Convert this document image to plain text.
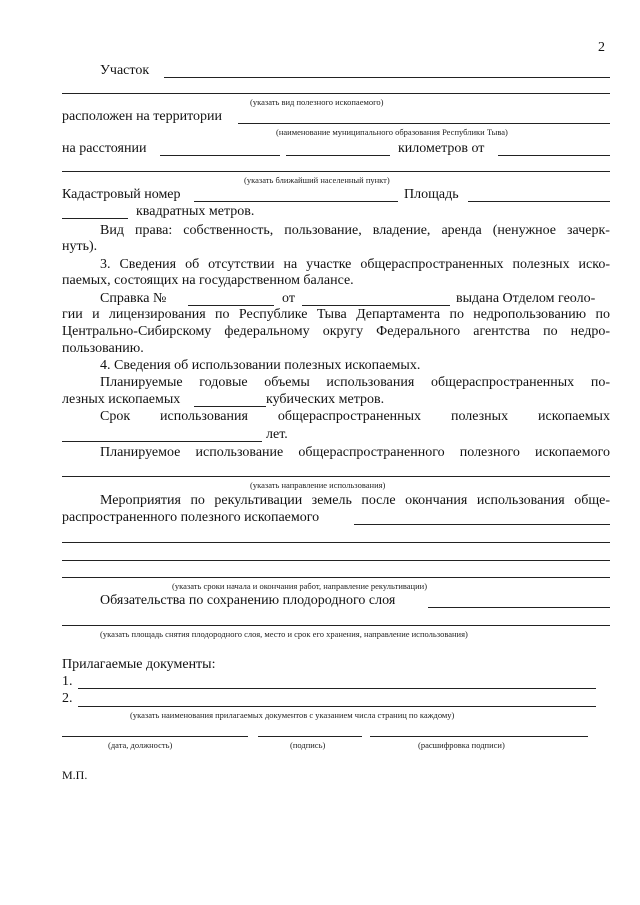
2
Участок
(указать вид полезного ископаемого)
расположен на территории
(наименование муниципального образования Республики Тыва)
на расстоянии	километров от
(указать ближайший населенный пункт)
Кадастровый номер	Площадь
квадратных метров.
Вид права: собственность, пользование, владение, аренда (ненужное зачерк-
нуть).
3. Сведения об отсутствии на участке общераспространенных полезных иско-
паемых, состоящих на государственном балансе.
Справка №	от	выдана Отделом геоло-
гии и лицензирования по Республике Тыва Департамента по недропользованию по
Центрально-Сибирскому федеральному округу Федерального агентства по недро-
пользованию.
4. Сведения об использовании полезных ископаемых.
Планируемые годовые объемы использования общераспространенных по-
лезных ископаемых	кубических метров.
Срок использования общераспространенных полезных ископаемых
лет.
Планируемое использование общераспространенного полезного ископаемого
(указать направление использования)
Мероприятия по рекультивации земель после окончания использования обще-
распространенного полезного ископаемого
(указать сроки начала и окончания работ, направление рекультивации)
Обязательства по сохранению плодородного слоя
(указать площадь снятия плодородного слоя, место и срок его хранения, направление использования)
Прилагаемые документы:
1.
2.
(указать наименования прилагаемых документов с указанием числа страниц по каждому)
(дата, должность)	(подпись)	(расшифровка подписи)
М.П.
